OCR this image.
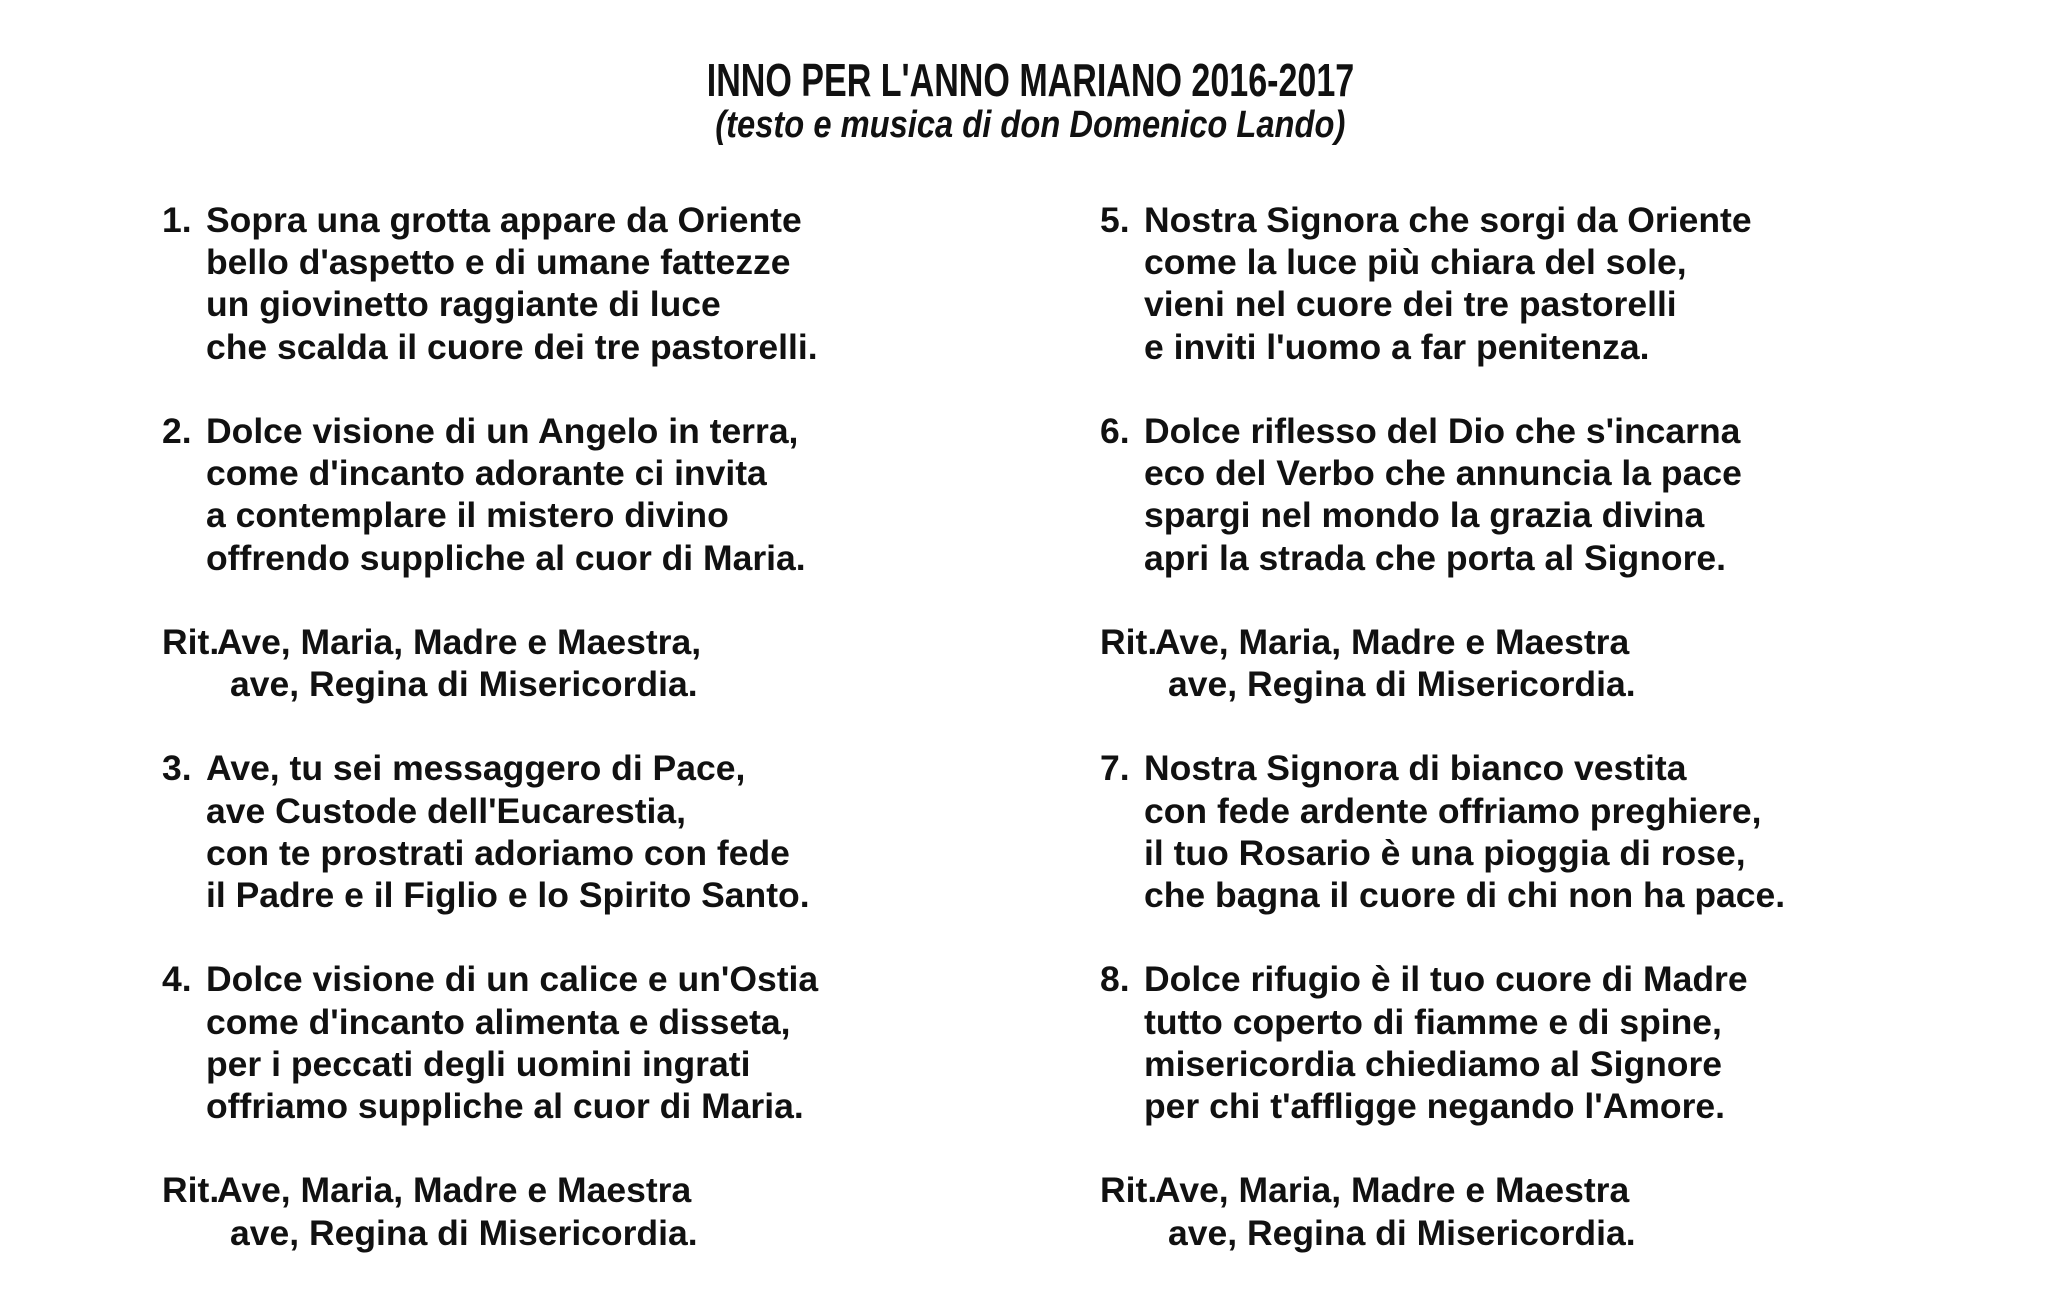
INNO PER L'ANNO MARIANO 2016-2017
(testo e musica di don Domenico Lando)
1. Sopra una grotta appare da Oriente
bello d'aspetto e di umane fattezze
un giovinetto raggiante di luce
che scalda il cuore dei tre pastorelli.
2. Dolce visione di un Angelo in terra,
come d'incanto adorante ci invita
a contemplare il mistero divino
offrendo suppliche al cuor di Maria.
Rit.Ave, Maria, Madre e Maestra,
ave, Regina di Misericordia.
3. Ave, tu sei messaggero di Pace,
ave Custode dell'Eucarestia,
con te prostrati adoriamo con fede
il Padre e il Figlio e lo Spirito Santo.
4. Dolce visione di un calice e un'Ostia
come d'incanto alimenta e disseta,
per i peccati degli uomini ingrati
offriamo suppliche al cuor di Maria.
Rit.Ave, Maria, Madre e Maestra
ave, Regina di Misericordia.
5. Nostra Signora che sorgi da Oriente
come la luce più chiara del sole,
vieni nel cuore dei tre pastorelli
e inviti l'uomo a far penitenza.
6. Dolce riflesso del Dio che s'incarna
eco del Verbo che annuncia la pace
spargi nel mondo la grazia divina
apri la strada che porta al Signore.
Rit.Ave, Maria, Madre e Maestra
ave, Regina di Misericordia.
7. Nostra Signora di bianco vestita
con fede ardente offriamo preghiere,
il tuo Rosario è una pioggia di rose,
che bagna il cuore di chi non ha pace.
8. Dolce rifugio è il tuo cuore di Madre
tutto coperto di fiamme e di spine,
misericordia chiediamo al Signore
per chi t'affligge negando l'Amore.
Rit.Ave, Maria, Madre e Maestra
ave, Regina di Misericordia.
